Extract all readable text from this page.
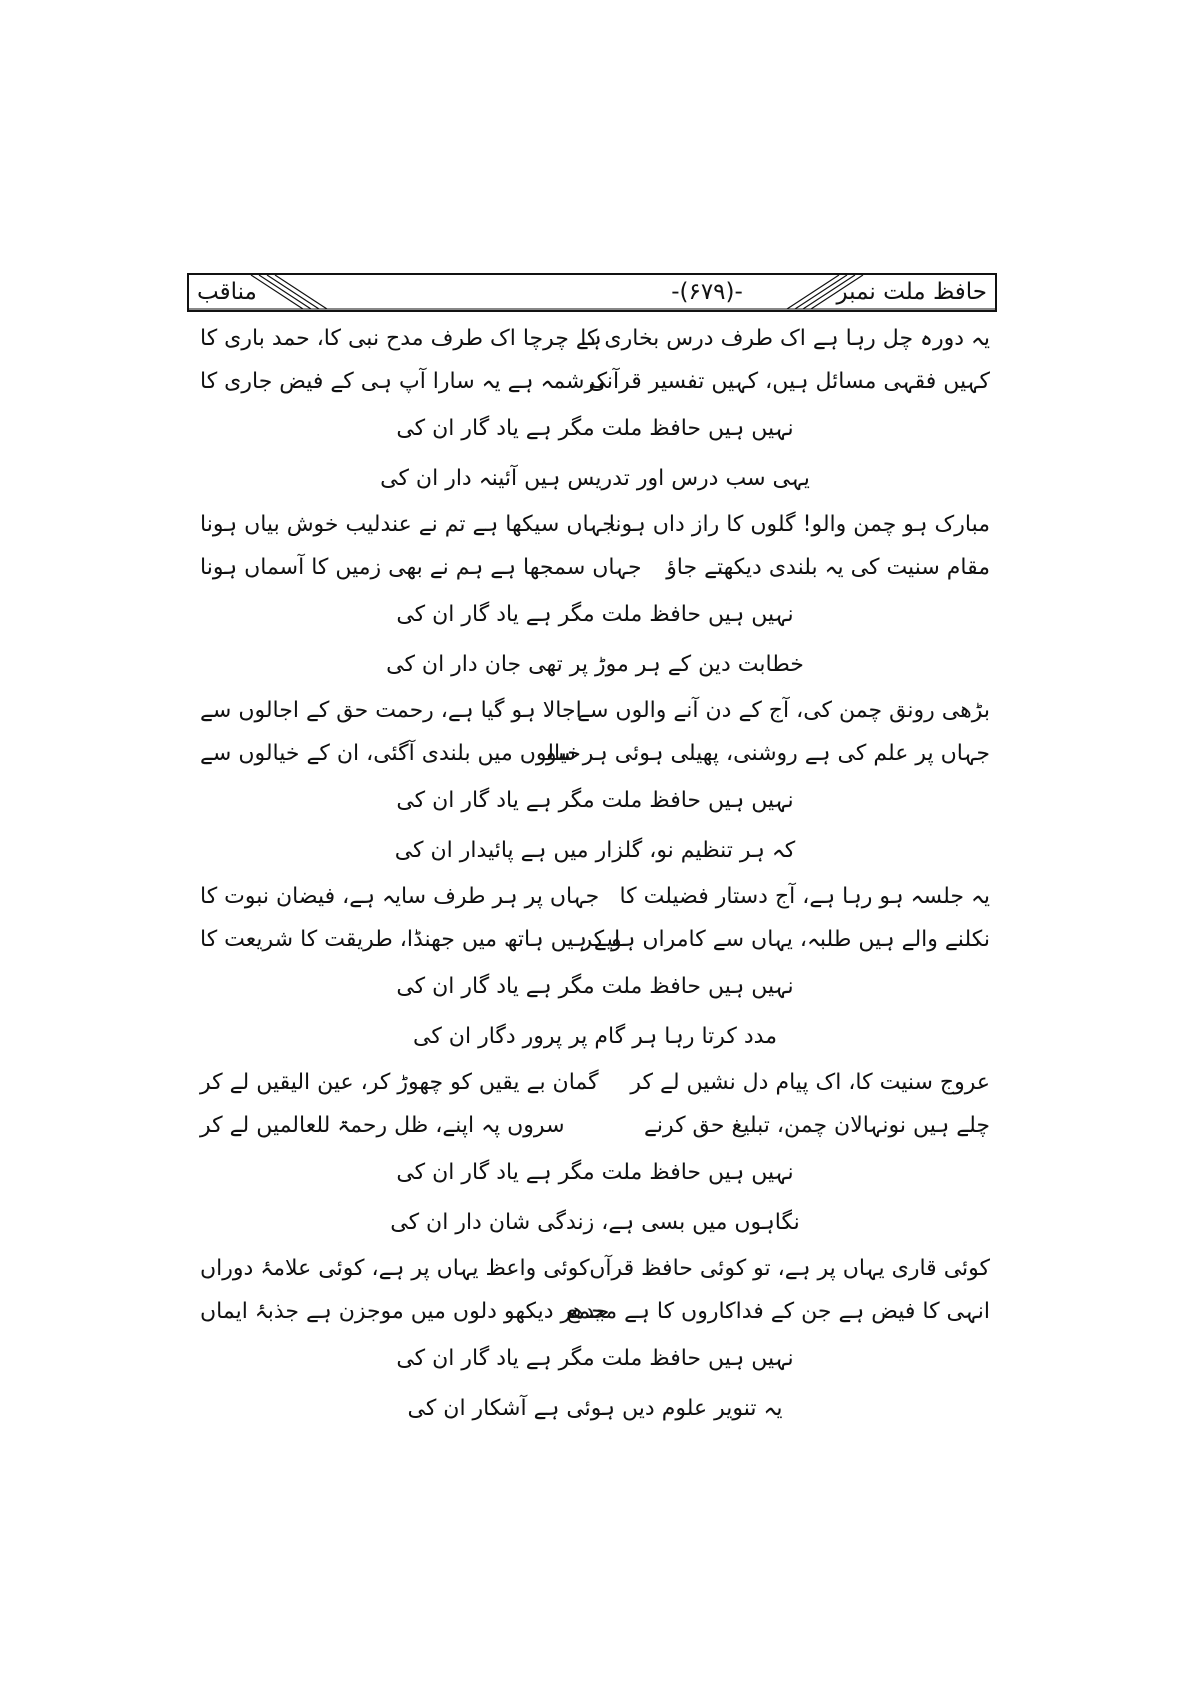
حافظ ملت نمبر
-(۶۷۹)-
مناقب
یہ دورہ چل رہا ہے اک طرف درس بخاری کا
ہے چرچا اک طرف مدح نبی کا، حمد باری کا
کہیں فقہی مسائل ہیں، کہیں تفسیر قرآنی
کرشمہ ہے یہ سارا آپ ہی کے فیض جاری کا
نہیں ہیں حافظ ملت مگر ہے یاد گار ان کی
یہی سب درس اور تدریس ہیں آئینہ دار ان کی
مبارک ہو چمن والو! گلوں کا راز داں ہونا
جہاں سیکھا ہے تم نے عندلیب خوش بیاں ہونا
مقام سنیت کی یہ بلندی دیکھتے جاؤ
جہاں سمجھا ہے ہم نے بھی زمیں کا آسماں ہونا
نہیں ہیں حافظ ملت مگر ہے یاد گار ان کی
خطابت دین کے ہر موڑ پر تھی جان دار ان کی
بڑھی رونق چمن کی، آج کے دن آنے والوں سے
اجالا ہو گیا ہے، رحمت حق کے اجالوں سے
جہاں پر علم کی ہے روشنی، پھیلی ہوئی ہر سو
خیالوں میں بلندی آگئی، ان کے خیالوں سے
نہیں ہیں حافظ ملت مگر ہے یاد گار ان کی
کہ ہر تنظیم نو، گلزار میں ہے پائیدار ان کی
یہ جلسہ ہو رہا ہے، آج دستار فضیلت کا
جہاں پر ہر طرف سایہ ہے، فیضان نبوت کا
نکلنے والے ہیں طلبہ، یہاں سے کامراں ہو کر
لیے ہیں ہاتھ میں جھنڈا، طریقت کا شریعت کا
نہیں ہیں حافظ ملت مگر ہے یاد گار ان کی
مدد کرتا رہا ہر گام پر پرور دگار ان کی
عروج سنیت کا، اک پیام دل نشیں لے کر
گمان بے یقیں کو چھوڑ کر، عین الیقیں لے کر
چلے ہیں نونہالان چمن، تبلیغ حق کرنے
سروں پہ اپنے، ظل رحمۃ للعالمیں لے کر
نہیں ہیں حافظ ملت مگر ہے یاد گار ان کی
نگاہوں میں بسی ہے، زندگی شان دار ان کی
کوئی قاری یہاں پر ہے، تو کوئی حافظ قرآں
کوئی واعظ یہاں پر ہے، کوئی علامۂ دوراں
انہی کا فیض ہے جن کے فداکاروں کا ہے مجمع
جدھر دیکھو دلوں میں موجزن ہے جذبۂ ایماں
نہیں ہیں حافظ ملت مگر ہے یاد گار ان کی
یہ تنویر علوم دیں ہوئی ہے آشکار ان کی
